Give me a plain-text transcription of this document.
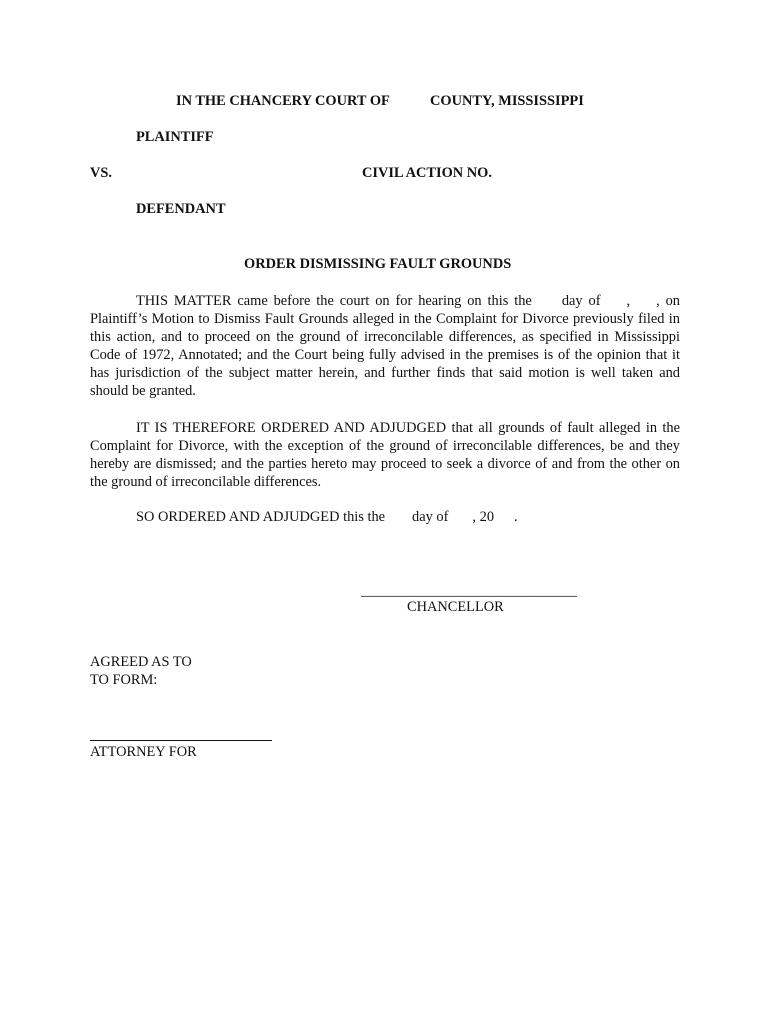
IN THE CHANCERY COURT OF	COUNTY, MISSISSIPPI
PLAINTIFF
VS.	CIVIL ACTION NO.
DEFENDANT
ORDER DISMISSING FAULT GROUNDS
THIS MATTER came before the court on for hearing on this the day of , , on Plaintiff’s Motion to Dismiss Fault Grounds alleged in the Complaint for Divorce previously filed in this action, and to proceed on the ground of irreconcilable differences, as specified in Mississippi Code of 1972, Annotated; and the Court being fully advised in the premises is of the opinion that it has jurisdiction of the subject matter herein, and further finds that said motion is well taken and should be granted.
IT IS THEREFORE ORDERED AND ADJUDGED that all grounds of fault alleged in the Complaint for Divorce, with the exception of the ground of irreconcilable differences, be and they hereby are dismissed; and the parties hereto may proceed to seek a divorce of and from the other on the ground of irreconcilable differences.
SO ORDERED AND ADJUDGED this the day of , 20 .
______________________________
CHANCELLOR
AGREED AS TO
TO FORM:
ATTORNEY FOR
